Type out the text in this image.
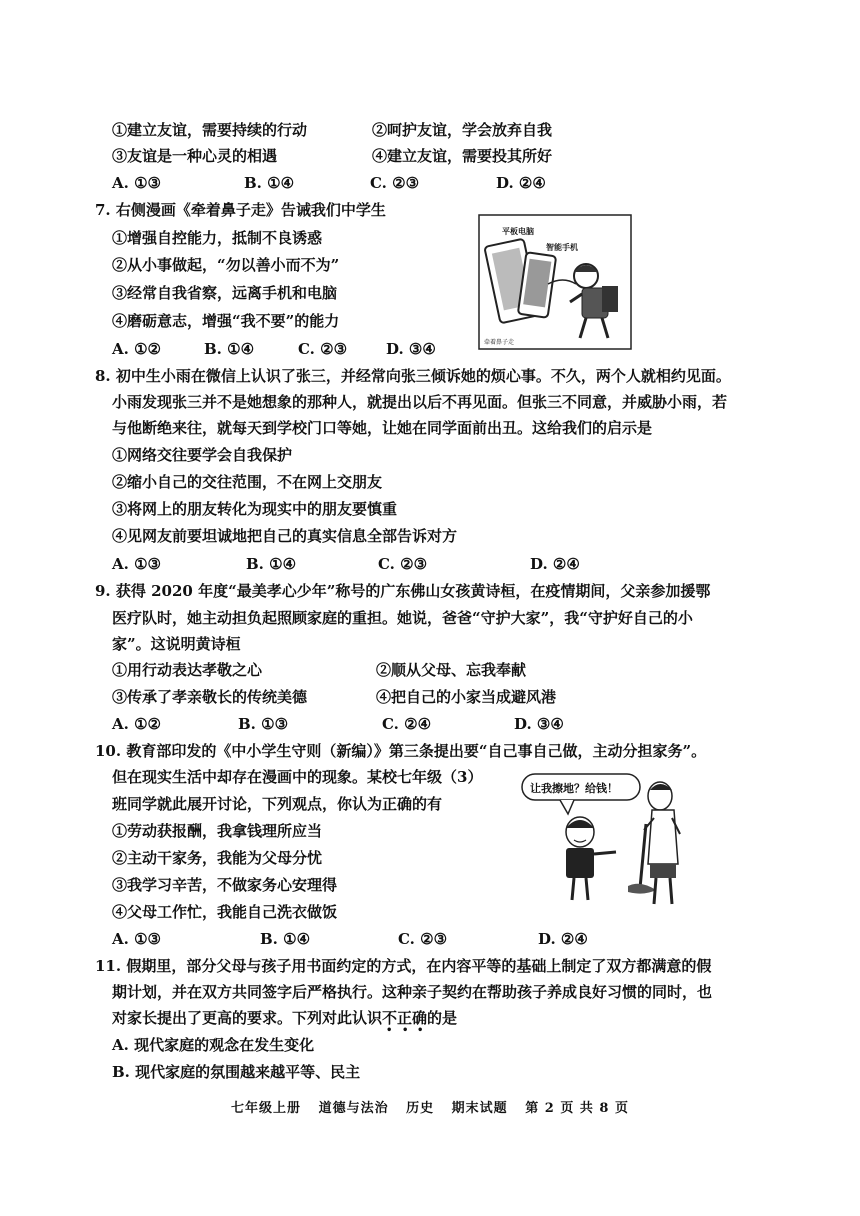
①建立友谊，需要持续的行动	②呵护友谊，学会放弃自我
③友谊是一种心灵的相遇	④建立友谊，需要投其所好
A. ①③	B. ①④	C. ②③	D. ②④
7. 右侧漫画《牵着鼻子走》告诫我们中学生
①增强自控能力，抵制不良诱惑
②从小事做起，“勿以善小而不为”
③经常自我省察，远离手机和电脑
④磨砺意志，增强“我不要”的能力
A. ①②	B. ①④	C. ②③	D. ③④
平板电脑
智能手机
牵着鼻子走
8. 初中生小雨在微信上认识了张三，并经常向张三倾诉她的烦心事。不久，两个人就相约见面。
小雨发现张三并不是她想象的那种人，就提出以后不再见面。但张三不同意，并威胁小雨，若
与他断绝来往，就每天到学校门口等她，让她在同学面前出丑。这给我们的启示是
①网络交往要学会自我保护
②缩小自己的交往范围，不在网上交朋友
③将网上的朋友转化为现实中的朋友要慎重
④见网友前要坦诚地把自己的真实信息全部告诉对方
A. ①③	B. ①④	C. ②③	D. ②④
9. 获得 2020 年度“最美孝心少年”称号的广东佛山女孩黄诗桓，在疫情期间，父亲参加援鄂
医疗队时，她主动担负起照顾家庭的重担。她说，爸爸“守护大家”，我“守护好自己的小
家”。这说明黄诗桓
①用行动表达孝敬之心	②顺从父母、忘我奉献
③传承了孝亲敬长的传统美德	④把自己的小家当成避风港
A. ①②	B. ①③	C. ②④	D. ③④
10. 教育部印发的《中小学生守则（新编）》第三条提出要“自己事自己做，主动分担家务”。
但在现实生活中却存在漫画中的现象。某校七年级（3）
班同学就此展开讨论，下列观点，你认为正确的有
①劳动获报酬，我拿钱理所应当
②主动干家务，我能为父母分忧
③我学习辛苦，不做家务心安理得
④父母工作忙，我能自己洗衣做饭
A. ①③	B. ①④	C. ②③	D. ②④
让我擦地？给钱！
11. 假期里，部分父母与孩子用书面约定的方式，在内容平等的基础上制定了双方都满意的假
期计划，并在双方共同签字后严格执行。这种亲子契约在帮助孩子养成良好习惯的同时，也
对家长提出了更高的要求。下列对此认识不正确
• • •
的是
A. 现代家庭的观念在发生变化
B. 现代家庭的氛围越来越平等、民主
七年级上册 道德与法治 历史 期末试题 第 2 页 共 8 页
